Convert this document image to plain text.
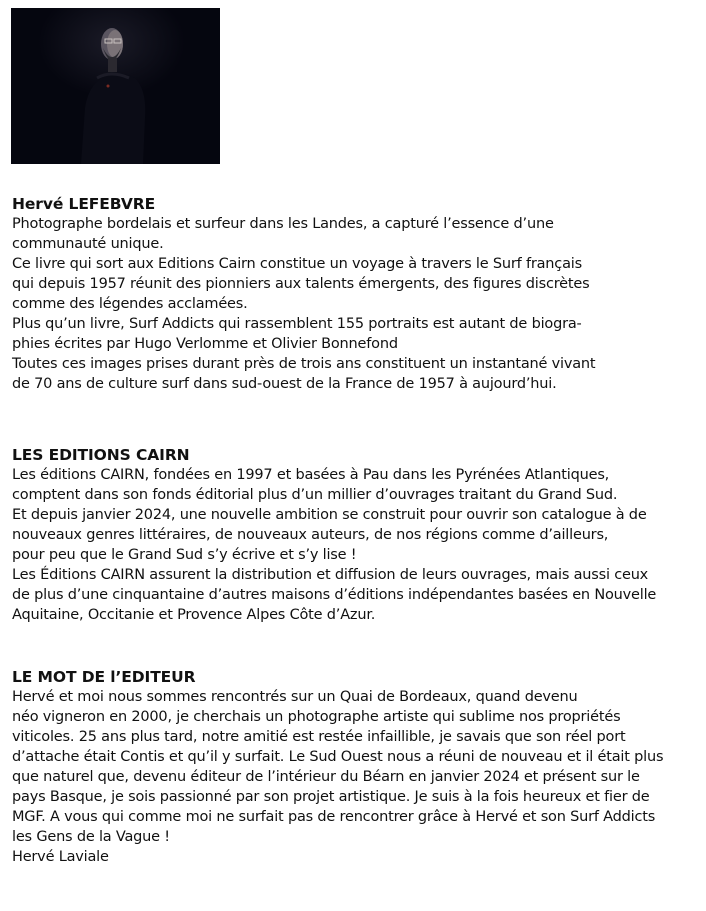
Hervé LEFEBVRE
Photographe bordelais et surfeur dans les Landes, a capturé l’essence d’une
communauté unique.
Ce livre qui sort aux Editions Cairn constitue un voyage à travers le Surf français
qui depuis 1957 réunit des pionniers aux talents émergents, des figures discrètes
comme des légendes acclamées.
Plus qu’un livre, Surf Addicts qui rassemblent 155 portraits est autant de biogra-
phies écrites par Hugo Verlomme et Olivier Bonnefond
Toutes ces images prises durant près de trois ans constituent un instantané vivant
de 70 ans de culture surf dans sud-ouest de la France de 1957 à aujourd’hui.
LES EDITIONS CAIRN
Les éditions CAIRN, fondées en 1997 et basées à Pau dans les Pyrénées Atlantiques,
comptent dans son fonds éditorial plus d’un millier d’ouvrages traitant du Grand Sud.
Et depuis janvier 2024, une nouvelle ambition se construit pour ouvrir son catalogue à de
nouveaux genres littéraires, de nouveaux auteurs, de nos régions comme d’ailleurs,
pour peu que le Grand Sud s’y écrive et s’y lise !
Les Éditions CAIRN assurent la distribution et diffusion de leurs ouvrages, mais aussi ceux
de plus d’une cinquantaine d’autres maisons d’éditions indépendantes basées en Nouvelle
Aquitaine, Occitanie et Provence Alpes Côte d’Azur.
LE MOT DE l’EDITEUR
Hervé et moi nous sommes rencontrés sur un Quai de Bordeaux, quand devenu
néo vigneron en 2000, je cherchais un photographe artiste qui sublime nos propriétés
viticoles. 25 ans plus tard, notre amitié est restée infaillible, je savais que son réel port
d’attache était Contis et qu’il y surfait. Le Sud Ouest nous a réuni de nouveau et il était plus
que naturel que, devenu éditeur de l’intérieur du Béarn en janvier 2024 et présent sur le
pays Basque, je sois passionné par son projet artistique. Je suis à la fois heureux et fier de
MGF. A vous qui comme moi ne surfait pas de rencontrer grâce à Hervé et son Surf Addicts
les Gens de la Vague !
Hervé Laviale
